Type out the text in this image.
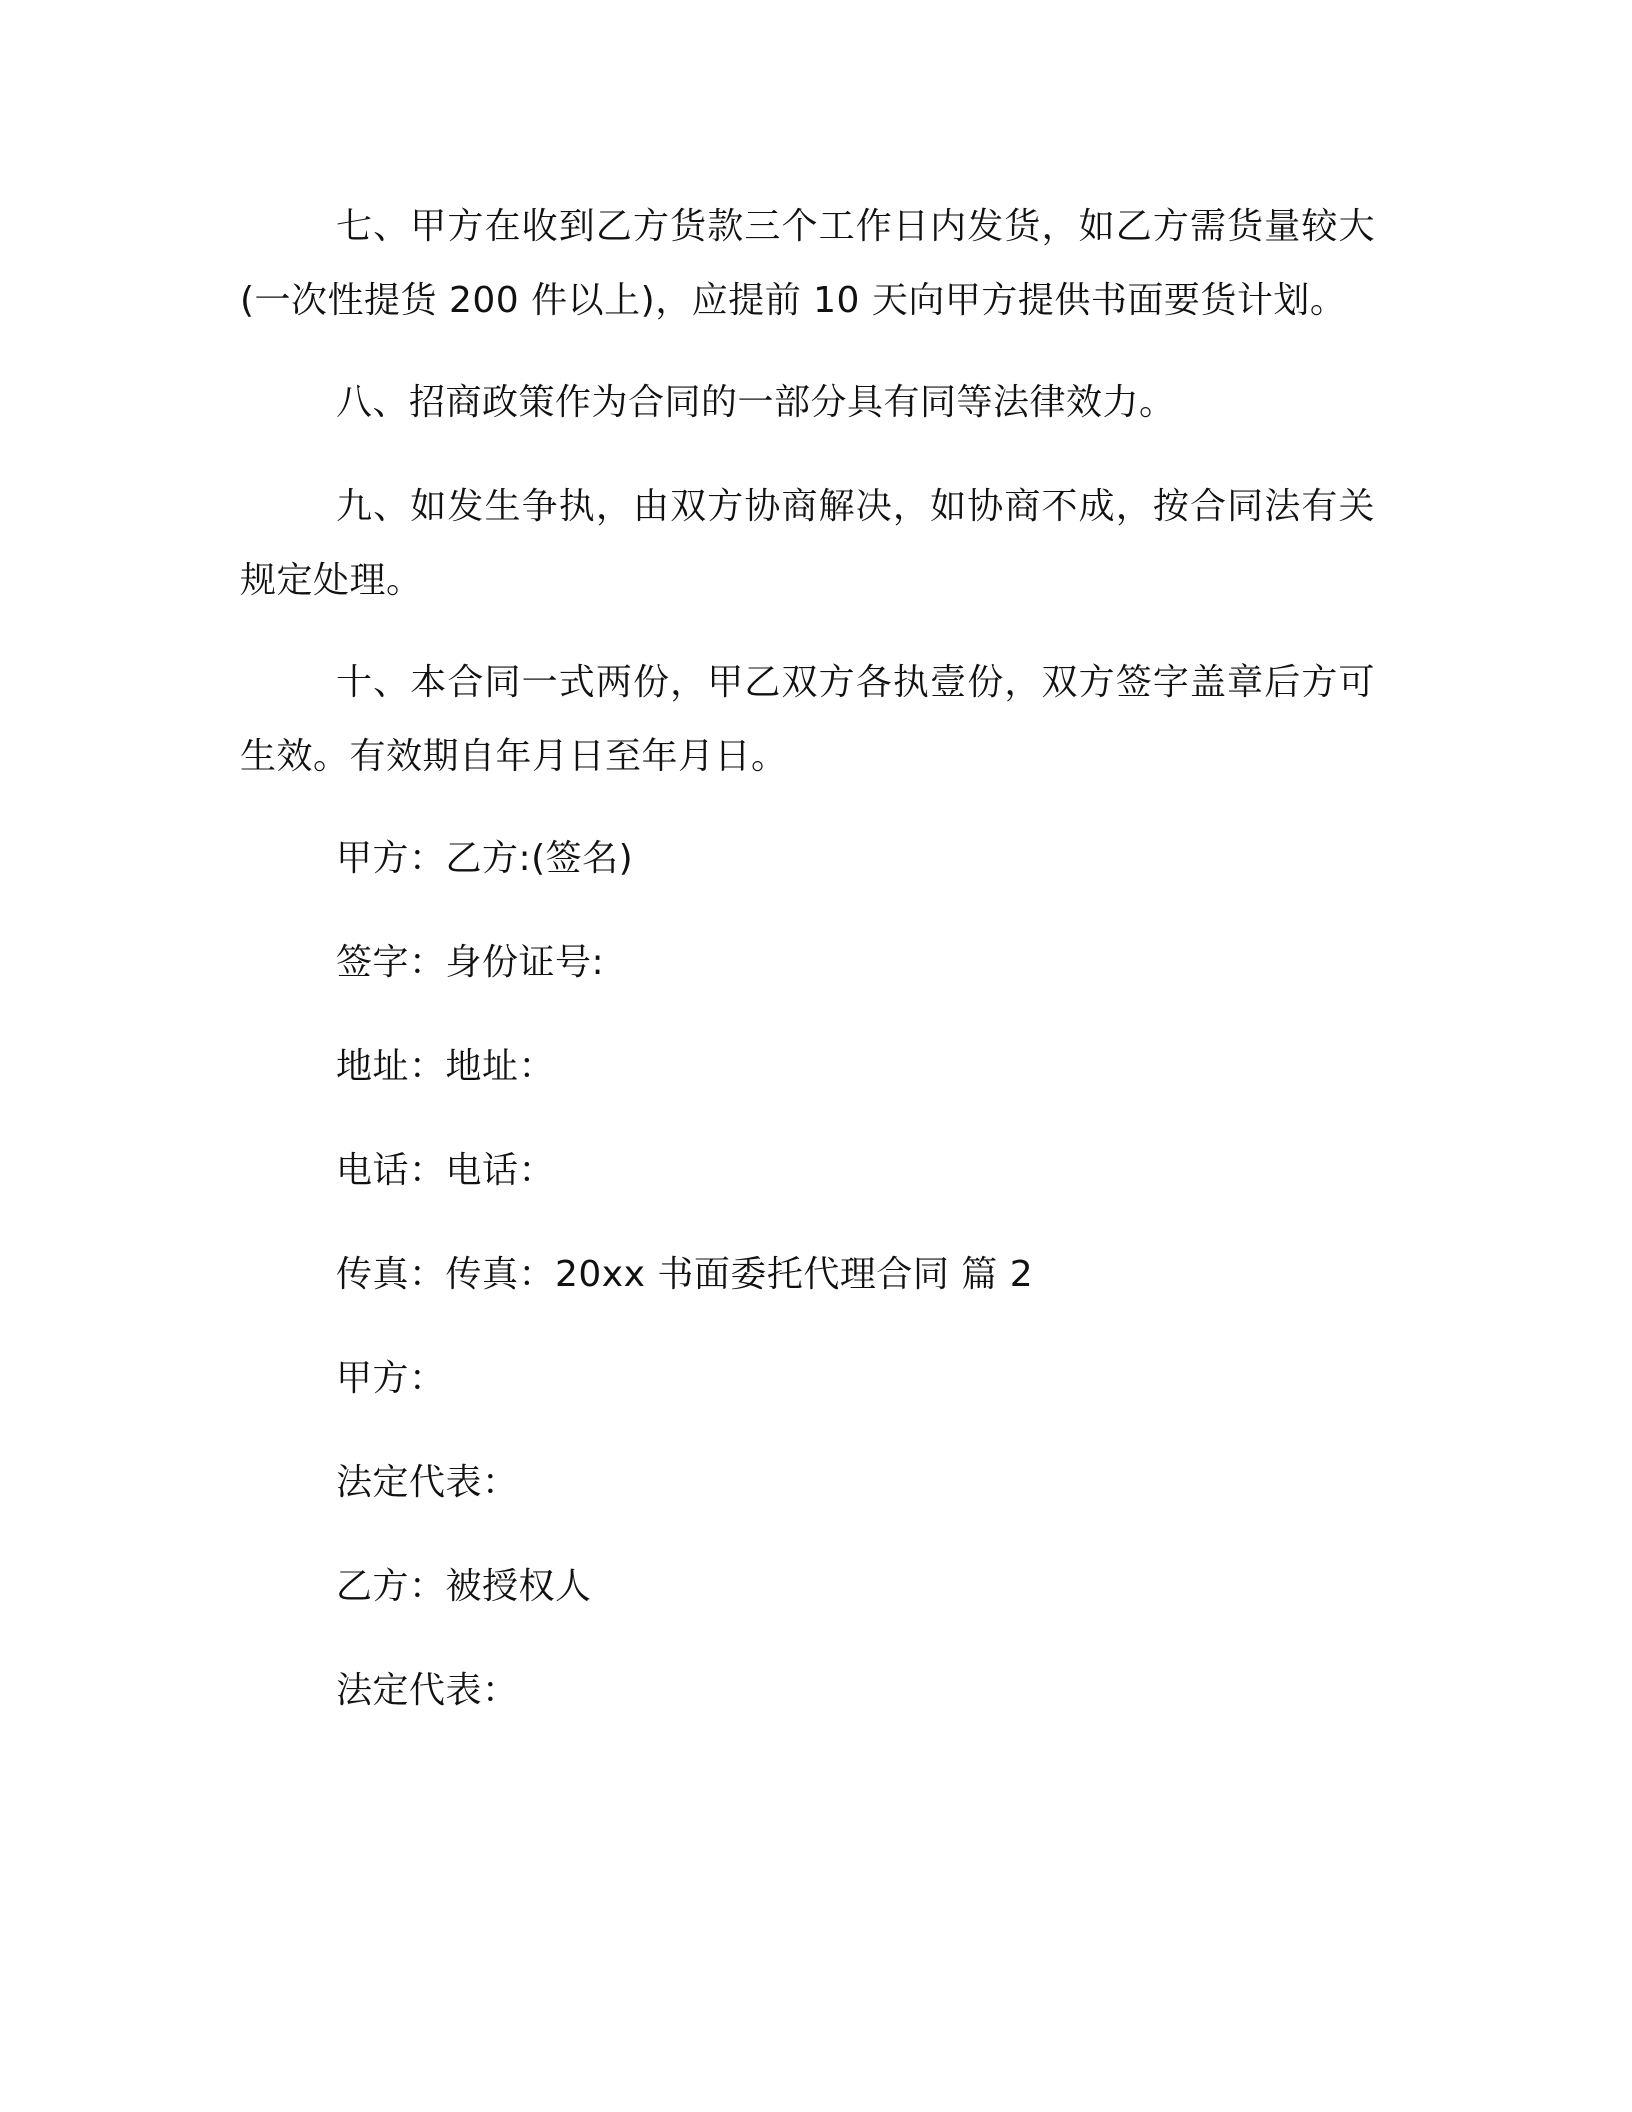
七、甲方在收到乙方货款三个工作日内发货，如乙方需货量较大(一次性提货 200 件以上)，应提前 10 天向甲方提供书面要货计划。

八、招商政策作为合同的一部分具有同等法律效力。

九、如发生争执，由双方协商解决，如协商不成，按合同法有关规定处理。

十、本合同一式两份，甲乙双方各执壹份，双方签字盖章后方可生效。有效期自年月日至年月日。

甲方：乙方:(签名)

签字：身份证号:

地址：地址：

电话：电话：

传真：传真：20xx 书面委托代理合同 篇 2

甲方：

法定代表：

乙方：被授权人

法定代表：
